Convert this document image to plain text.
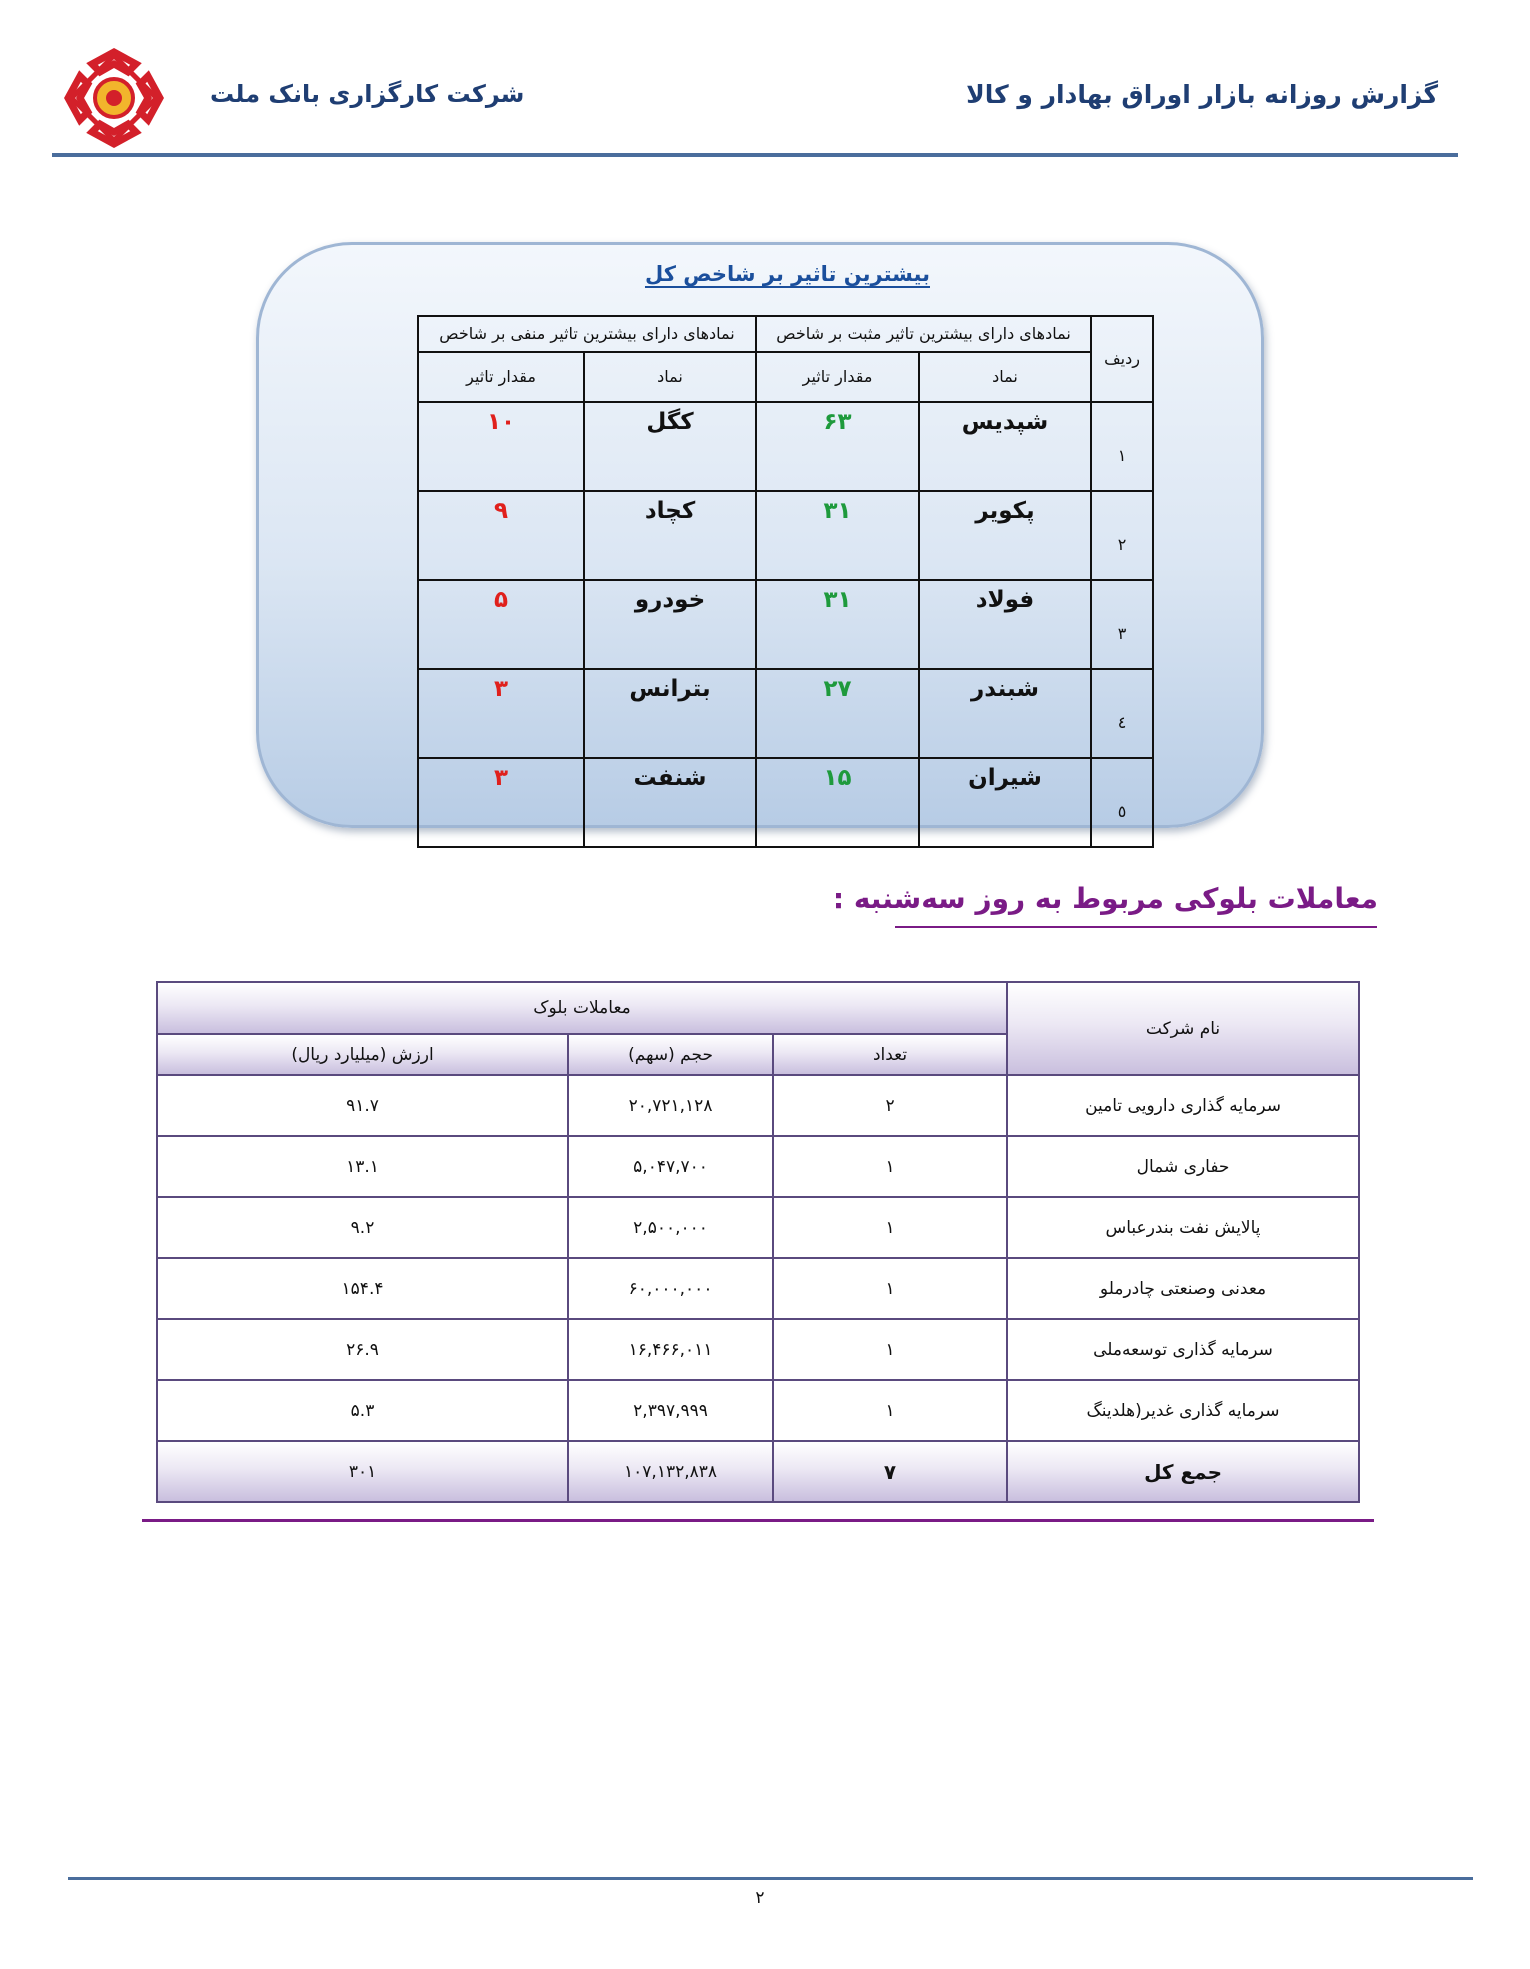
شرکت کارگزاری بانک ملت	گزارش روزانه بازار اوراق بهادار و کالا
بیشترین تاثیر بر شاخص کل
ردیف	نمادهای دارای بیشترین تاثیر مثبت بر شاخص		نمادهای دارای بیشترین تاثیر منفی بر شاخص	
	نماد	مقدار تاثیر	نماد	مقدار تاثیر
۱	شپدیس	۶۳	کگل	۱۰
۲	پکویر	۳۱	کچاد	۹
۳	فولاد	۳۱	خودرو	۵
٤	شبندر	۲۷	بترانس	۳
٥	شیران	۱۵	شنفت	۳
معاملات بلوکی مربوط به روز سه‌شنبه :
نام شرکت	معاملات بلوک		
	تعداد	حجم (سهم)	ارزش (میلیارد ریال)
سرمایه گذاری دارویی تامین	۲	۲۰,۷۲۱,۱۲۸	۹۱.۷
حفاری شمال	۱	۵,۰۴۷,۷۰۰	۱۳.۱
پالایش نفت بندرعباس	۱	۲,۵۰۰,۰۰۰	۹.۲
معدنی وصنعتی چادرملو	۱	۶۰,۰۰۰,۰۰۰	۱۵۴.۴
سرمایه گذاری توسعه‌ملی	۱	۱۶,۴۶۶,۰۱۱	۲۶.۹
سرمایه گذاری غدیر(هلدینگ	۱	۲,۳۹۷,۹۹۹	۵.۳
جمع کل	۷	۱۰۷,۱۳۲,۸۳۸	۳۰۱
۲
